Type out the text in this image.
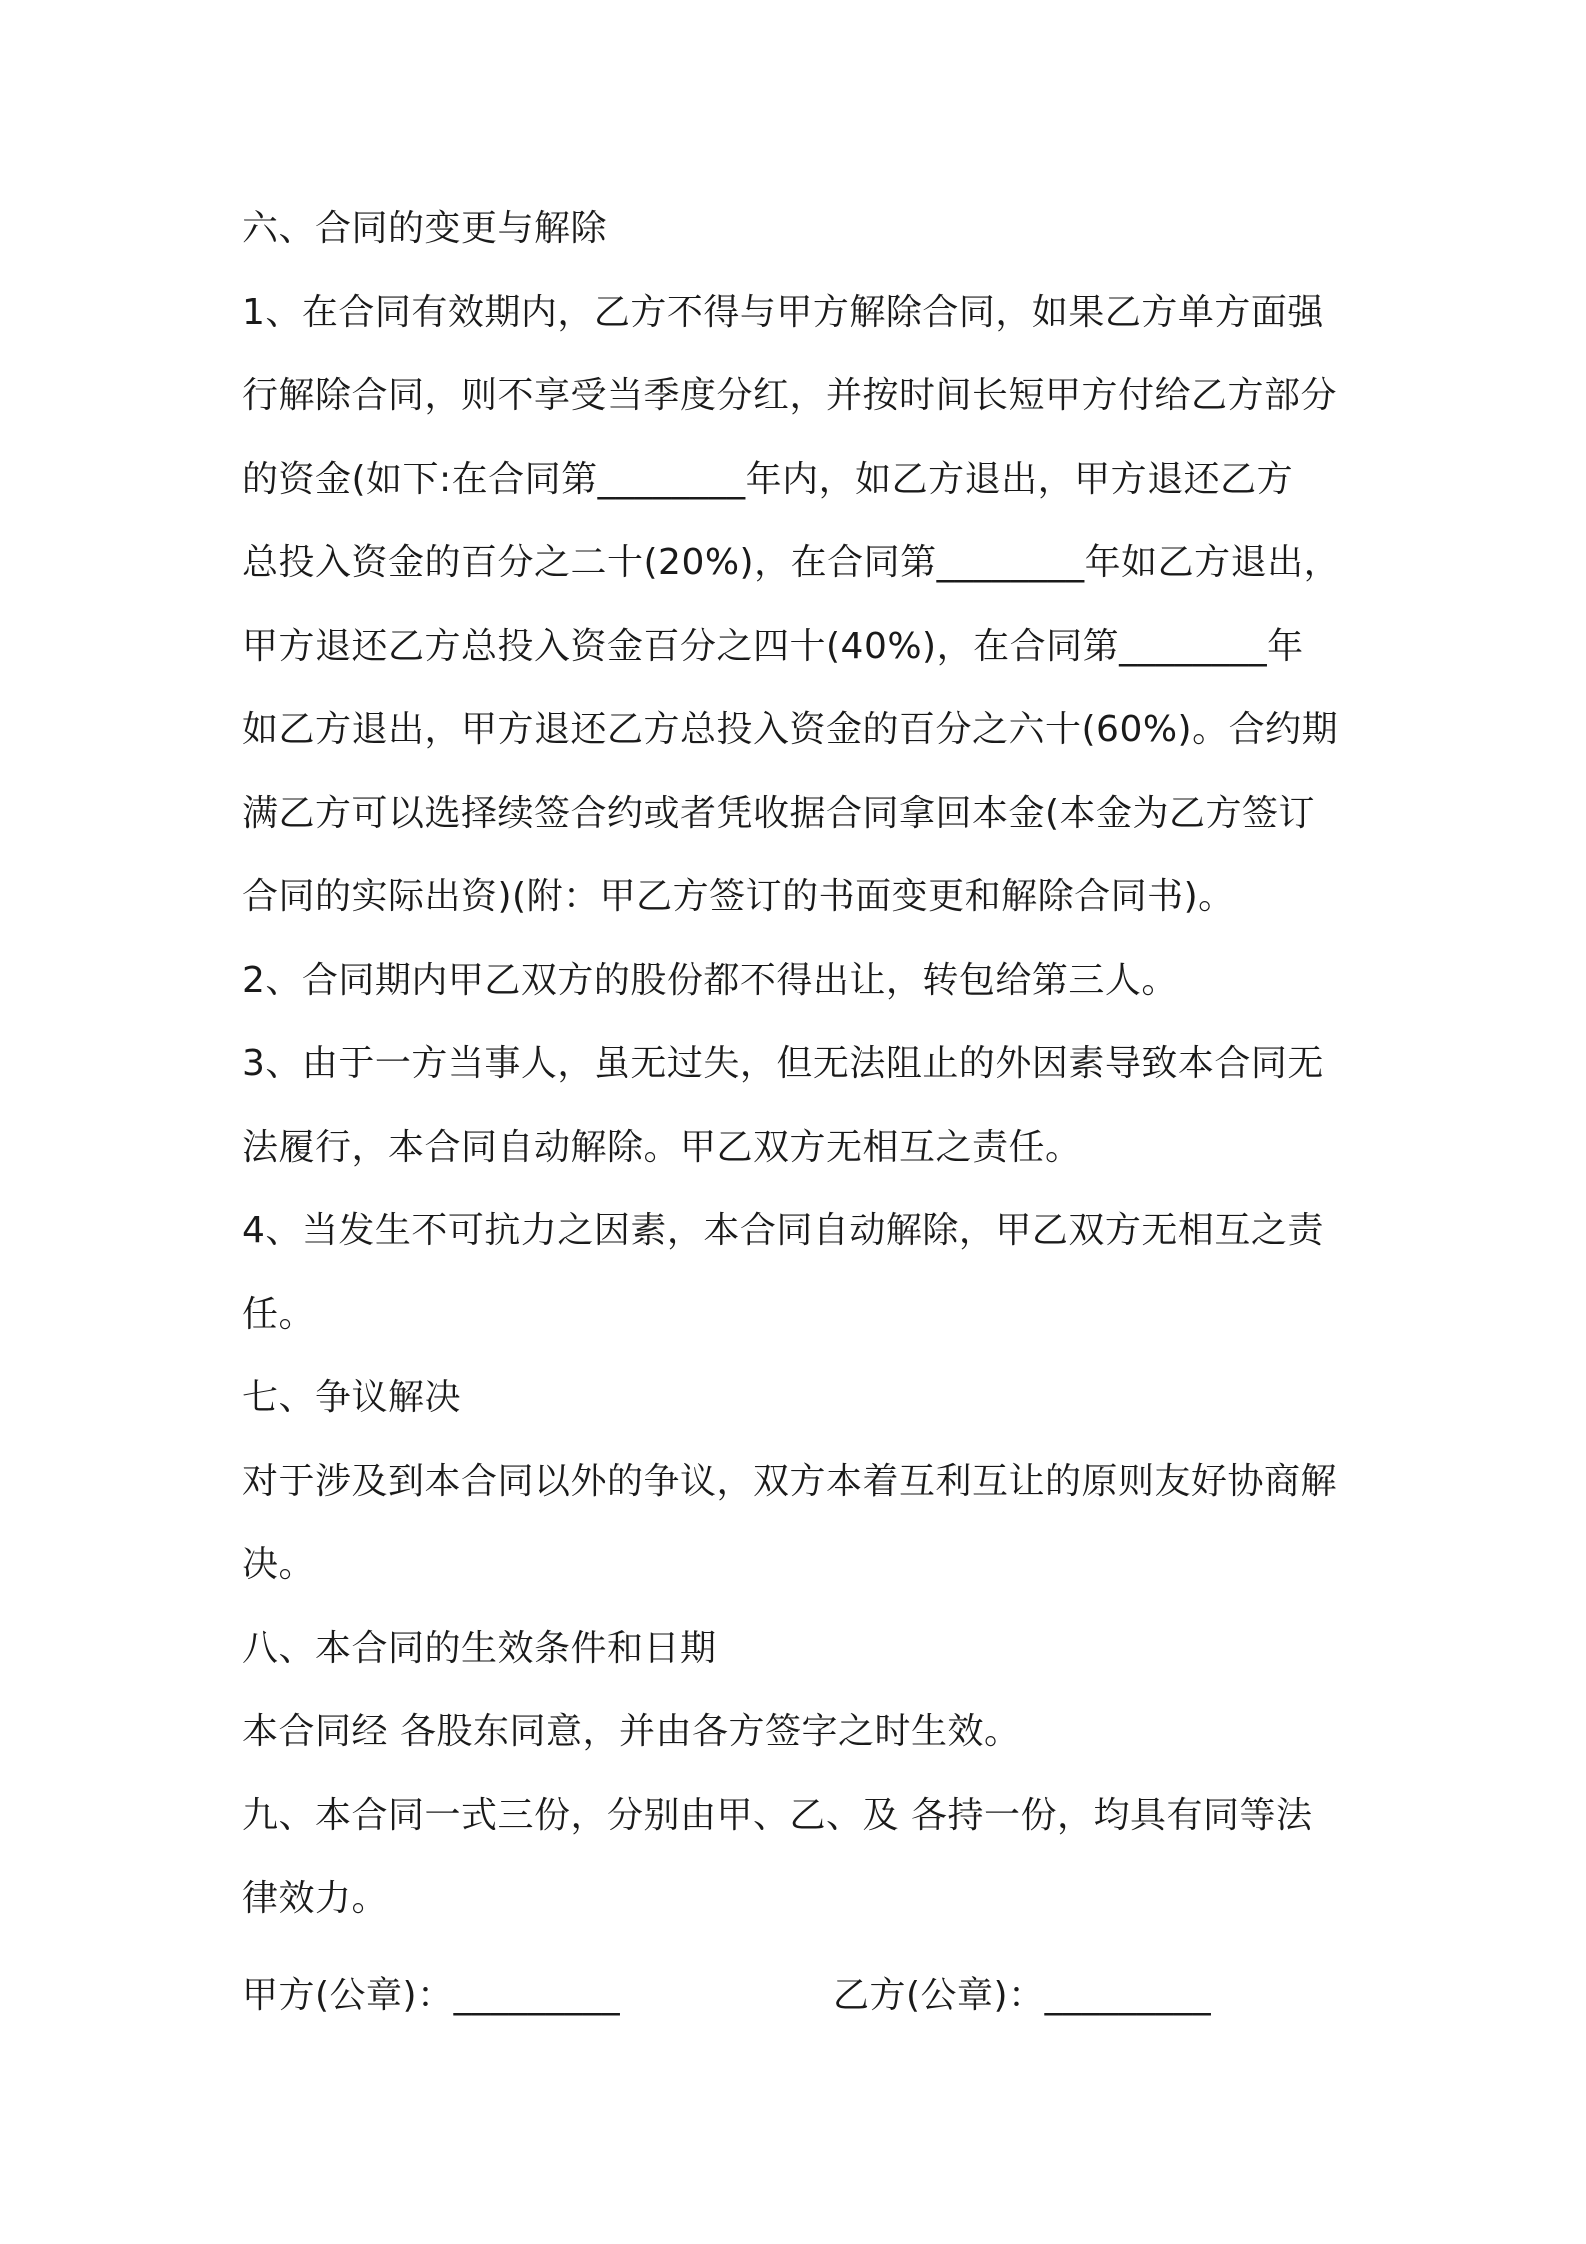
六、合同的变更与解除
1、在合同有效期内，乙方不得与甲方解除合同，如果乙方单方面强
行解除合同，则不享受当季度分红，并按时间长短甲方付给乙方部分
的资金(如下:在合同第________年内，如乙方退出，甲方退还乙方
总投入资金的百分之二十(20%)，在合同第________年如乙方退出，
甲方退还乙方总投入资金百分之四十(40%)，在合同第________年
如乙方退出，甲方退还乙方总投入资金的百分之六十(60%)。合约期
满乙方可以选择续签合约或者凭收据合同拿回本金(本金为乙方签订
合同的实际出资)(附：甲乙方签订的书面变更和解除合同书)。
2、合同期内甲乙双方的股份都不得出让，转包给第三人。
3、由于一方当事人，虽无过失，但无法阻止的外因素导致本合同无
法履行，本合同自动解除。甲乙双方无相互之责任。
4、当发生不可抗力之因素，本合同自动解除，甲乙双方无相互之责
任。
七、争议解决
对于涉及到本合同以外的争议，双方本着互利互让的原则友好协商解
决。
八、本合同的生效条件和日期
本合同经 各股东同意，并由各方签字之时生效。
九、本合同一式三份，分别由甲、乙、及 各持一份，均具有同等法
律效力。
甲方(公章)：_________	乙方(公章)：_________
